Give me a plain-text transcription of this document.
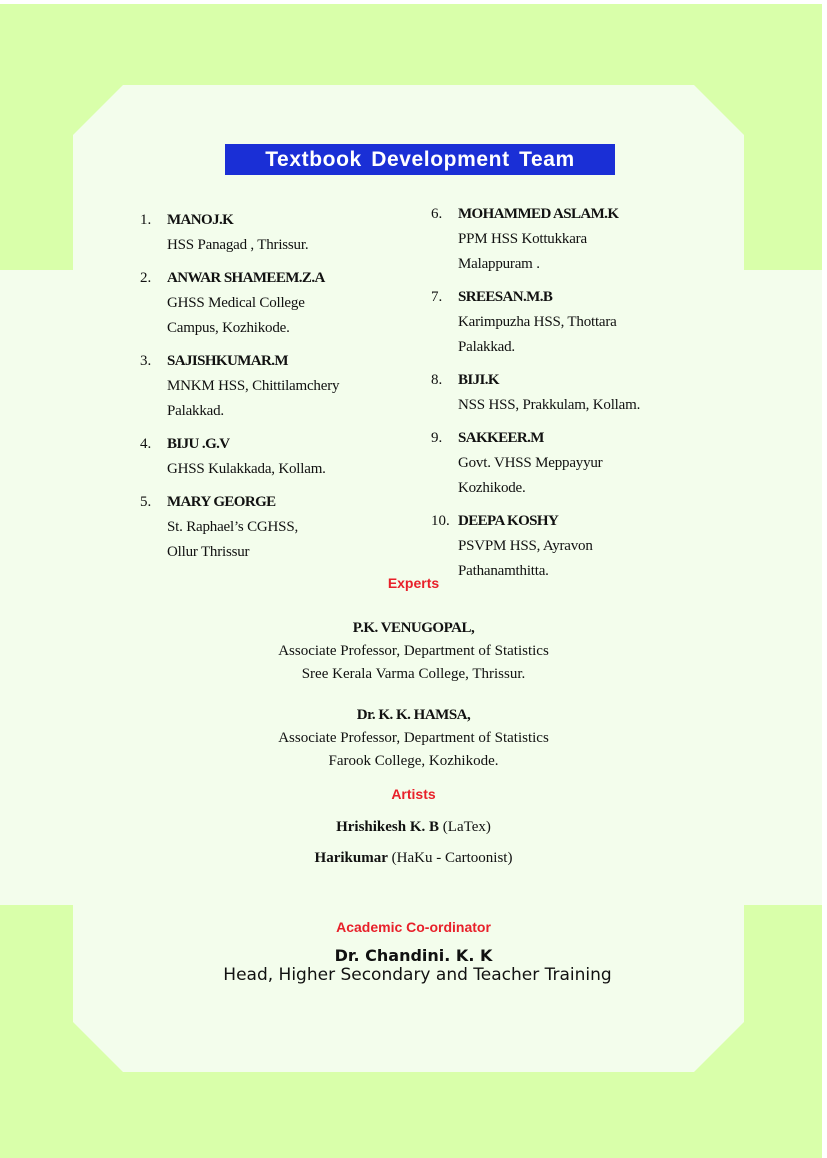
Textbook Development Team
1. MANOJ.K
HSS Panagad , Thrissur.
2. ANWAR SHAMEEM.Z.A
GHSS Medical College
Campus, Kozhikode.
3. SAJISHKUMAR.M
MNKM HSS, Chittilamchery
Palakkad.
4. BIJU .G.V
GHSS Kulakkada, Kollam.
5. MARY GEORGE
St. Raphael’s CGHSS,
Ollur Thrissur
6. MOHAMMED ASLAM.K
PPM HSS Kottukkara
Malappuram .
7. SREESAN.M.B
Karimpuzha HSS, Thottara
Palakkad.
8. BIJI.K
NSS HSS, Prakkulam, Kollam.
9. SAKKEER.M
Govt. VHSS Meppayyur
Kozhikode.
10. DEEPA KOSHY
PSVPM HSS, Ayravon
Pathanamthitta.
Experts
P.K. VENUGOPAL,
Associate Professor, Department of Statistics
Sree Kerala Varma College, Thrissur.
Dr. K. K. HAMSA,
Associate Professor, Department of Statistics
Farook College, Kozhikode.
Artists
Hrishikesh K. B (LaTex)
Harikumar (HaKu - Cartoonist)
Academic Co-ordinator
Dr. Chandini. K. K
Head, Higher Secondary and Teacher Training
